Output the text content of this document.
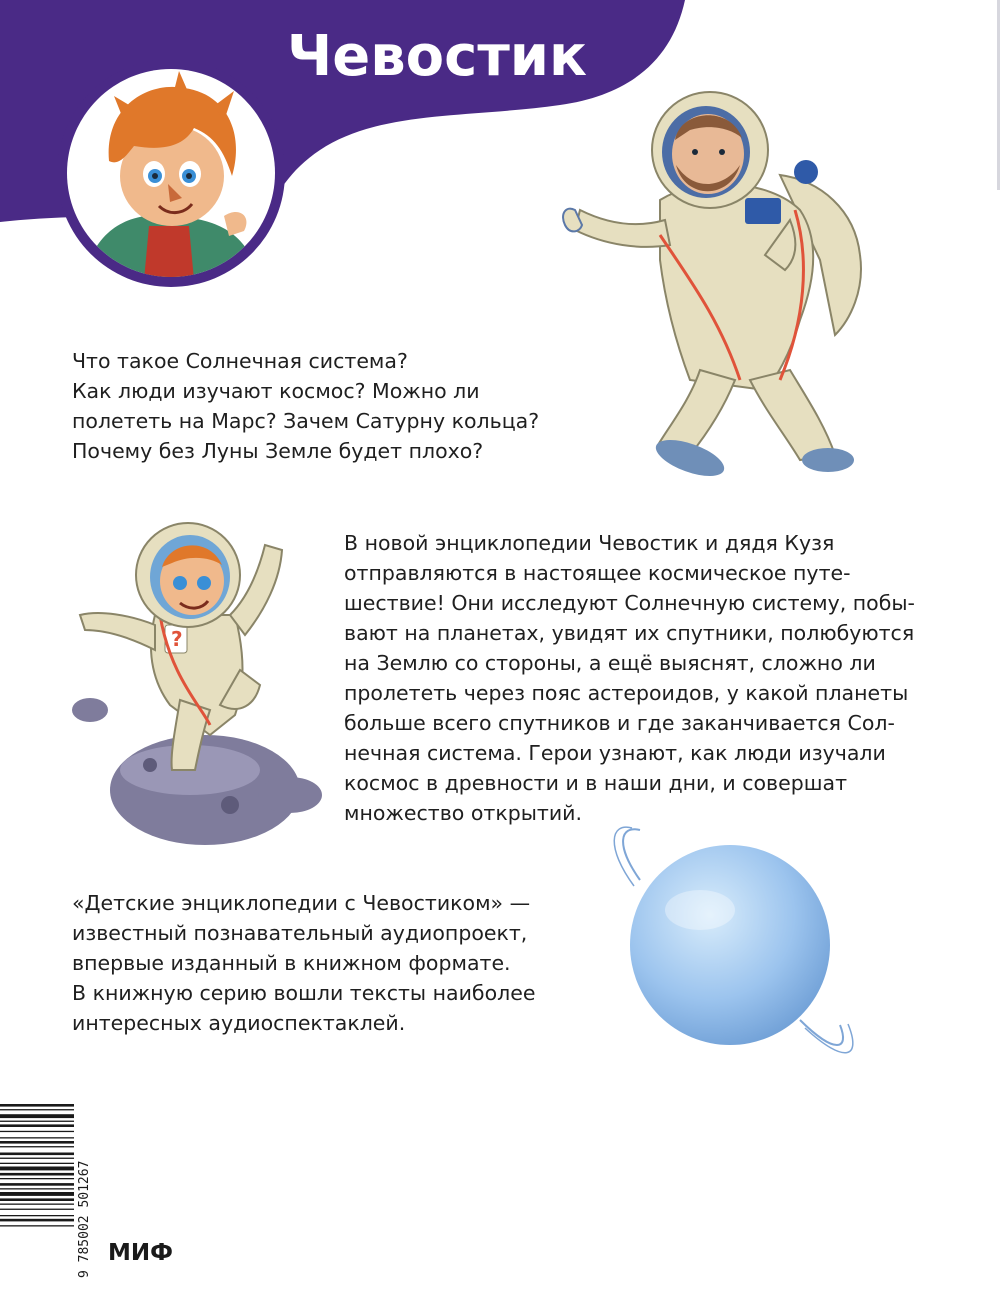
Чевостик

Что такое Солнечная система?
Как люди изучают космос? Можно ли
полететь на Марс? Зачем Сатурну кольца?
Почему без Луны Земле будет плохо?

?

В новой энциклопедии Чевостик и дядя Кузя
отправляются в настоящее космическое путе-
шествие! Они исследуют Солнечную систему, побы-
вают на планетах, увидят их спутники, полюбуются
на Землю со стороны, а ещё выяснят, сложно ли
пролететь через пояс астероидов, у какой планеты
больше всего спутников и где заканчивается Сол-
нечная система. Герои узнают, как люди изучали
космос в древности и в наши дни, и совершат
множество открытий.

«Детские энциклопедии с Чевостиком» —
известный познавательный аудиопроект,
впервые изданный в книжном формате.
В книжную серию вошли тексты наиболее
интересных аудиоспектаклей.

9 785002 501267 МИФ
